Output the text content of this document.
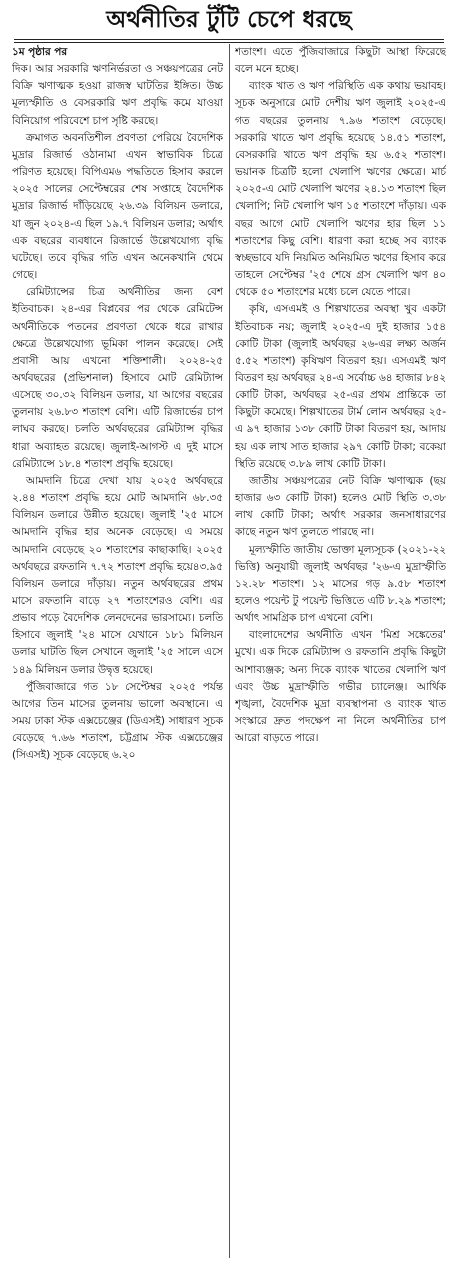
অর্থনীতির টুঁটি চেপে ধরছে
১ম পৃষ্ঠার পর

দিক। আর সরকারি ঋণনির্ভরতা ও সঞ্চয়পত্রের নেট বিক্রি ঋণাত্মক হওয়া রাজস্ব ঘাটতির ইঙ্গিত। উচ্চ মূল্যস্ফীতি ও বেসরকারি ঋণ প্রবৃদ্ধি কমে যাওয়া বিনিয়োগ পরিবেশে চাপ সৃষ্টি করছে।

ক্রমাগত অবনতিশীল প্রবণতা পেরিয়ে বৈদেশিক মুদ্রার রিজার্ভ ওঠানামা এখন স্বাভাবিক চিত্রে পরিণত হয়েছে। বিপিএম৬ পদ্ধতিতে হিসাব করলে ২০২৫ সালের সেপ্টেম্বরের শেষ সপ্তাহে বৈদেশিক মুদ্রার রিজার্ভ দাঁড়িয়েছে ২৬.৩৯ বিলিয়ন ডলারে, যা জুন ২০২৪-এ ছিল ১৯.৭ বিলিয়ন ডলার; অর্থাৎ এক বছরের ব্যবধানে রিজার্ভে উল্লেখযোগ্য বৃদ্ধি ঘটেছে। তবে বৃদ্ধির গতি এখন অনেকখানি থেমে গেছে।

রেমিট্যান্সের চিত্র অর্থনীতির জন্য বেশ ইতিবাচক। ২৪-এর বিপ্লবের পর থেকে রেমিটেন্স অর্থনীতিকে পতনের প্রবণতা থেকে ধরে রাখার ক্ষেত্রে উল্লেখযোগ্য ভূমিকা পালন করেছে। সেই প্রবাসী আয় এখনো শক্তিশালী। ২০২৪-২৫ অর্থবছরের (প্রভিশনাল) হিসাবে মোট রেমিট্যান্স এসেছে ৩০.৩২ বিলিয়ন ডলার, যা আগের বছরের তুলনায় ২৬.৮৩ শতাংশ বেশি। এটি রিজার্ভের চাপ লাঘব করছে। চলতি অর্থবছরের রেমিট্যান্স বৃদ্ধির ধারা অব্যাহত রয়েছে। জুলাই-আগস্ট এ দুই মাসে রেমিট্যান্সে ১৮.৪ শতাংশ প্রবৃদ্ধি হয়েছে।

আমদানি চিত্রে দেখা যায় ২০২৫ অর্থবছরে ২.৪৪ শতাংশ প্রবৃদ্ধি হয়ে মোট আমদানি ৬৮.৩৫ বিলিয়ন ডলারে উন্নীত হয়েছে। জুলাই '২৫ মাসে আমদানি বৃদ্ধির হার অনেক বেড়েছে। এ সময়ে আমদানি বেড়েছে ২০ শতাংশের কাছাকাছি। ২০২৫ অর্থবছরে রফতানি ৭.৭২ শতাংশ প্রবৃদ্ধি হয়ে৪৩.৯৫ বিলিয়ন ডলারে দাঁড়ায়। নতুন অর্থবছরের প্রথম মাসে রফতানি বাড়ে ২৭ শতাংশেরও বেশি। এর প্রভাব পড়ে বৈদেশিক লেনদেনের ভারসাম্যে। চলতি হিসাবে জুলাই '২৪ মাসে যেখানে ১৮১ মিলিয়ন ডলার ঘাটতি ছিল সেখানে জুলাই '২৫ সালে এসে ১৪৯ মিলিয়ন ডলার উদ্বৃত্ত হয়েছে।

পুঁজিবাজারে গত ১৮ সেপ্টেম্বর ২০২৫ পর্যন্ত আগের তিন মাসের তুলনায় ভালো অবস্থানে। এ সময় ঢাকা স্টক এক্সচেঞ্জের (ডিএসই) সাধারণ সূচক বেড়েছে ৭.৬৬ শতাংশ, চট্টগ্রাম স্টক এক্সচেঞ্জের (সিএসই) সূচক বেড়েছে ৬.২০

শতাংশ। এতে পুঁজিবাজারে কিছুটা আস্থা ফিরেছে বলে মনে হচ্ছে।

ব্যাংক খাত ও ঋণ পরিস্থিতি এক কথায় ভয়াবহ। সূচক অনুসারে মোট দেশীয় ঋণ জুলাই ২০২৫-এ গত বছরের তুলনায় ৭.৯৬ শতাংশ বেড়েছে। সরকারি খাতে ঋণ প্রবৃদ্ধি হয়েছে ১৪.৫১ শতাংশ, বেসরকারি খাতে ঋণ প্রবৃদ্ধি হয় ৬.৫২ শতাংশ। ভয়ানক চিত্রটি হলো খেলাপি ঋণের ক্ষেত্রে। মার্চ ২০২৫-এ মোট খেলাপি ঋণের ২৪.১৩ শতাংশ ছিল খেলাপি; নিট খেলাপি ঋণ ১৫ শতাংশে দাঁড়ায়। এক বছর আগে মোট খেলাপি ঋণের হার ছিল ১১ শতাংশের কিছু বেশি। ধারণা করা হচ্ছে সব ব্যাংক স্বচ্ছভাবে যদি নিয়মিত অনিয়মিত ঋণের হিসাব করে তাহলে সেপ্টেম্বর '২৫ শেষে গ্রস খেলাপি ঋণ ৪০ থেকে ৫০ শতাংশের মধ্যে চলে যেতে পারে।

কৃষি, এসএমই ও শিল্পখাতের অবস্থা খুব একটা ইতিবাচক নয়; জুলাই ২০২৫-এ দুই হাজার ১৫৪ কোটি টাকা (জুলাই অর্থবছর ২৬-এর লক্ষ্য অর্জন ৫.৫২ শতাংশ) কৃষিঋণ বিতরণ হয়। এসএমই ঋণ বিতরণ হয় অর্থবছর ২৪-এ সর্বোচ্চ ৬৪ হাজার ৮৪২ কোটি টাকা, অর্থবছর ২৫-এর প্রথম প্রান্তিকে তা কিছুটা কমেছে। শিল্পখাতের টার্ম লোন অর্থবছর ২৫-এ ৯৭ হাজার ১৩৮ কোটি টাকা বিতরণ হয়, আদায় হয় এক লাখ সাত হাজার ২৯৭ কোটি টাকা; বকেয়া স্থিতি রয়েছে ৩.৮৯ লাখ কোটি টাকা।

জাতীয় সঞ্চয়পত্রের নেট বিক্রি ঋণাত্মক (ছয় হাজার ৬৩ কোটি টাকা) হলেও মোট স্থিতি ৩.৩৮ লাখ কোটি টাকা; অর্থাৎ সরকার জনসাধারণের কাছে নতুন ঋণ তুলতে পারছে না।

মূল্যস্ফীতি জাতীয় ভোক্তা মূল্যসূচক (২০২১-২২ ভিত্তি) অনুযায়ী জুলাই অর্থবছর '২৬-এ মুদ্রাস্ফীতি ১২.২৮ শতাংশ। ১২ মাসের গড় ৯.৫৮ শতাংশ হলেও পয়েন্ট টু পয়েন্ট ভিত্তিতে এটি ৮.২৯ শতাংশ; অর্থাৎ সামগ্রিক চাপ এখনো বেশি।

বাংলাদেশের অর্থনীতি এখন 'মিশ্র সঙ্কেতের' মুখে। এক দিকে রেমিট্যান্স ও রফতানি প্রবৃদ্ধি কিছুটা আশাব্যঞ্জক; অন্য দিকে ব্যাংক খাতের খেলাপি ঋণ এবং উচ্চ মুদ্রাস্ফীতি গভীর চ্যালেঞ্জ। আর্থিক শৃঙ্খলা, বৈদেশিক মুদ্রা ব্যবস্থাপনা ও ব্যাংক খাত সংস্কারে দ্রুত পদক্ষেপ না নিলে অর্থনীতির চাপ আরো বাড়তে পারে।
